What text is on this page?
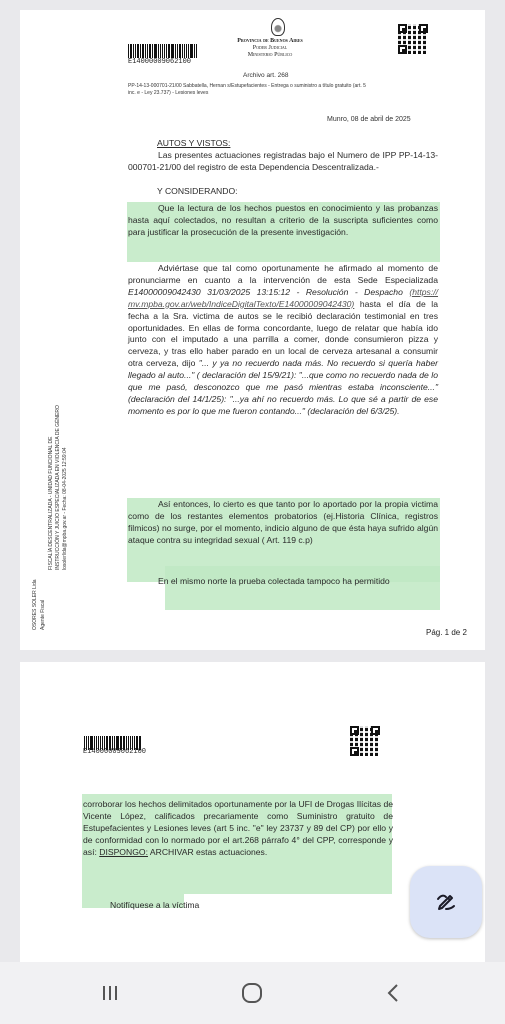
E14000009062100
Provincia de Buenos Aires
Poder Judicial
Ministerio Público
Archivo art. 268
PP-14-13-000701-21/00 Sabbatella, Hernan s/Estupefacientes - Entrega o suministro a título gratuito (art. 5
inc. e - Ley 23.737) - Lesiones leves
Munro, 08 de abril de 2025
AUTOS Y VISTOS:
Las presentes actuaciones registradas bajo el Numero de IPP PP-14-13-000701-21/00 del registro de esta Dependencia Descentralizada.-
Y CONSIDERANDO:
Que la lectura de los hechos puestos en conocimiento y las probanzas hasta aquí colectados, no resultan a criterio de la suscripta suficientes como para justificar la prosecución de la presente investigación.
Adviértase que tal como oportunamente he afirmado al momento de pronunciarme en cuanto a la intervención de esta Sede Especializada E14000009042430 31/03/2025 13:15:12 - Resolución - Despacho (https:// mv.mpba.gov.ar/web/IndiceDigitalTexto/E14000009042430) hasta el día de la fecha a la Sra. victima de autos se le recibió declaración testimonial en tres oportunidades. En ellas de forma concordante, luego de relatar que había ido junto con el imputado a una parrilla a comer, donde consumieron pizza y cerveza, y tras ello haber parado en un local de cerveza artesanal a consumir otra cerveza, dijo "... y ya no recuerdo nada más. No recuerdo si quería haber llegado al auto..." ( declaración del 15/9/21): "...que como no recuerdo nada de lo que me pasó, desconozco que me pasó mientras estaba inconsciente..." (declaración del 14/1/25): "...ya ahí no recuerdo más. Lo que sé a partir de ese momento es por lo que me fueron contando..." (declaración del 6/3/25).
Así entonces, lo cierto es que tanto por lo aportado por la propia victima como de los restantes elementos probatorios (ej.Historia Clínica, registros filmicos) no surge, por el momento, indicio alguno de que ésta haya sufrido algún ataque contra su integridad sexual ( Art. 119 c.p)
En el mismo norte la prueba colectada tampoco ha permitido
OSORES SOLER Lida Agente Fiscal
FISCALÍA DESCENTRALIZADA - UNIDAD FUNCIONAL DE INSTRUCCIÓN Y JUICIO ESPECIALIZADA EN VIOLENCIA DE GÉNERO losolerlida@mpba.gov.ar - Fecha: 08-04-2025 12:59:04
Pág. 1 de 2
E14000009062100
corroborar los hechos delimitados oportunamente por la UFI de Drogas Ilícitas de Vicente López, calificados precariamente como Suministro gratuito de Estupefacientes y Lesiones leves (art 5 inc. "e" ley 23737 y 89 del CP) por ello y de conformidad con lo normado por el art.268 párrafo 4° del CPP, corresponde y así: DISPONGO: ARCHIVAR estas actuaciones.
Notifíquese a la víctima
